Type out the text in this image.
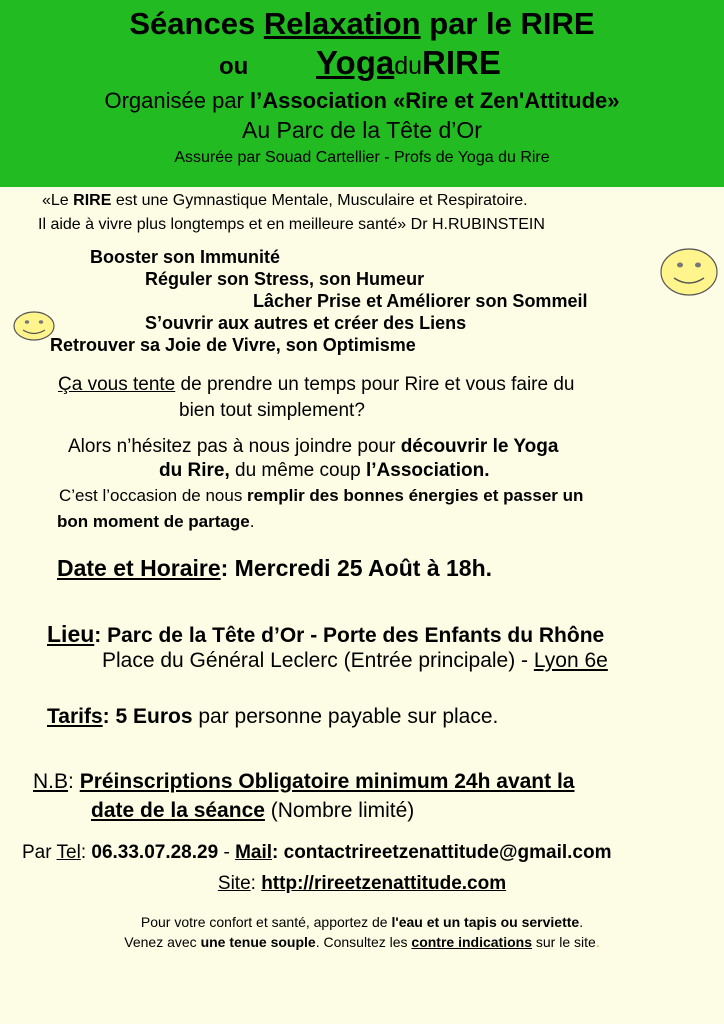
Séances Relaxation par le RIRE
ou YogaduRIRE
Organisée par l’Association «Rire et Zen'Attitude»
Au Parc de la Tête d’Or
Assurée par Souad Cartellier - Profs de Yoga du Rire
«Le RIRE est une Gymnastique Mentale, Musculaire et Respiratoire.
Il aide à vivre plus longtemps et en meilleure santé» Dr H.RUBINSTEIN
Booster son Immunité
Réguler son Stress, son Humeur
Lâcher Prise et Améliorer son Sommeil
S’ouvrir aux autres et créer des Liens
Retrouver sa Joie de Vivre, son Optimisme
Ça vous tente de prendre un temps pour Rire et vous faire du
bien tout simplement?
Alors n’hésitez pas à nous joindre pour découvrir le Yoga
du Rire, du même coup l’Association.
C’est l’occasion de nous remplir des bonnes énergies et passer un
bon moment de partage.
Date et Horaire: Mercredi 25 Août à 18h.
Lieu: Parc de la Tête d’Or - Porte des Enfants du Rhône
Place du Général Leclerc (Entrée principale) - Lyon 6e
Tarifs: 5 Euros par personne payable sur place.
N.B: Préinscriptions Obligatoire minimum 24h avant la
date de la séance (Nombre limité)
Par Tel: 06.33.07.28.29 - Mail: contactrireetzenattitude@gmail.com
Site: http://rireetzenattitude.com
Pour votre confort et santé, apportez de l'eau et un tapis ou serviette.
Venez avec une tenue souple. Consultez les contre indications sur le site.
